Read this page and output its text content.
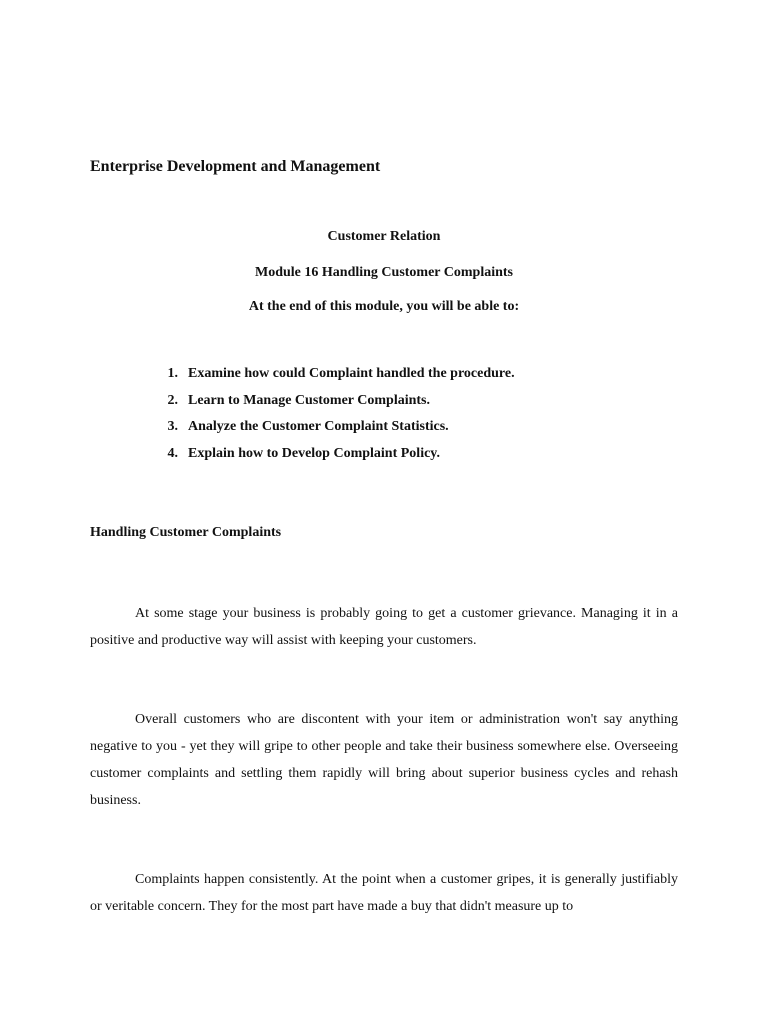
Enterprise Development and Management

Customer Relation

Module 16 Handling Customer Complaints

At the end of this module, you will be able to:

1. Examine how could Complaint handled the procedure.
2. Learn to Manage Customer Complaints.
3. Analyze the Customer Complaint Statistics.
4. Explain how to Develop Complaint Policy.
Handling Customer Complaints

At some stage your business is probably going to get a customer grievance. Managing it in a positive and productive way will assist with keeping your customers.

Overall customers who are discontent with your item or administration won't say anything negative to you - yet they will gripe to other people and take their business somewhere else. Overseeing customer complaints and settling them rapidly will bring about superior business cycles and rehash business.

Complaints happen consistently. At the point when a customer gripes, it is generally justifiably or veritable concern. They for the most part have made a buy that didn't measure up to
